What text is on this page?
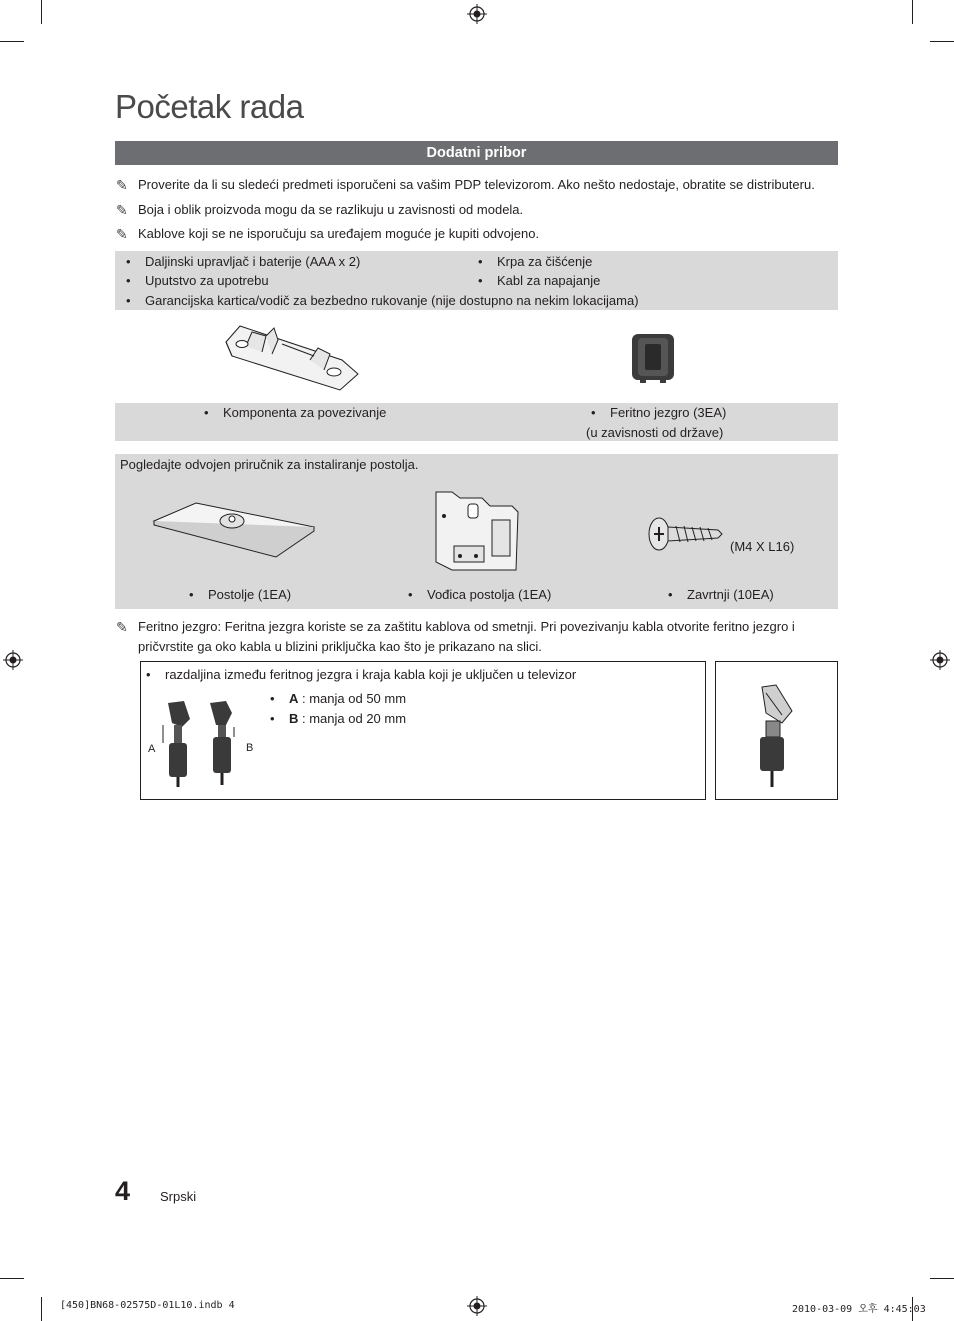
Početak rada
Dodatni pribor
✎ Proverite da li su sledeći predmeti isporučeni sa vašim PDP televizorom. Ako nešto nedostaje, obratite se distributeru.
✎ Boja i oblik proizvoda mogu da se razlikuju u zavisnosti od modela.
✎ Kablove koji se ne isporučuju sa uređajem moguće je kupiti odvojeno.
• Daljinski upravljač i baterije (AAA x 2)
• Uputstvo za upotrebu
• Krpa za čišćenje
• Kabl za napajanje
• Garancijska kartica/vodič za bezbedno rukovanje (nije dostupno na nekim lokacijama)
• Komponenta za povezivanje	• Feritno jezgro (3EA)
(u zavisnosti od države)
Pogledajte odvojen priručnik za instaliranje postolja.
(M4 X L16)
• Postolje (1EA)	• Vođica postolja (1EA)	• Zavrtnji (10EA)
✎ Feritno jezgro: Feritna jezgra koriste se za zaštitu kablova od smetnji. Pri povezivanju kabla otvorite feritno jezgro i
pričvrstite ga oko kabla u blizini priključka kao što je prikazano na slici.
• razdaljina između feritnog jezgra i kraja kabla koji je uključen u televizor
• A : manja od 50 mm
• B : manja od 20 mm
A	B
4 Srpski
[450]BN68-02575D-01L10.indb 4	2010-03-09 오후 4:45:03
